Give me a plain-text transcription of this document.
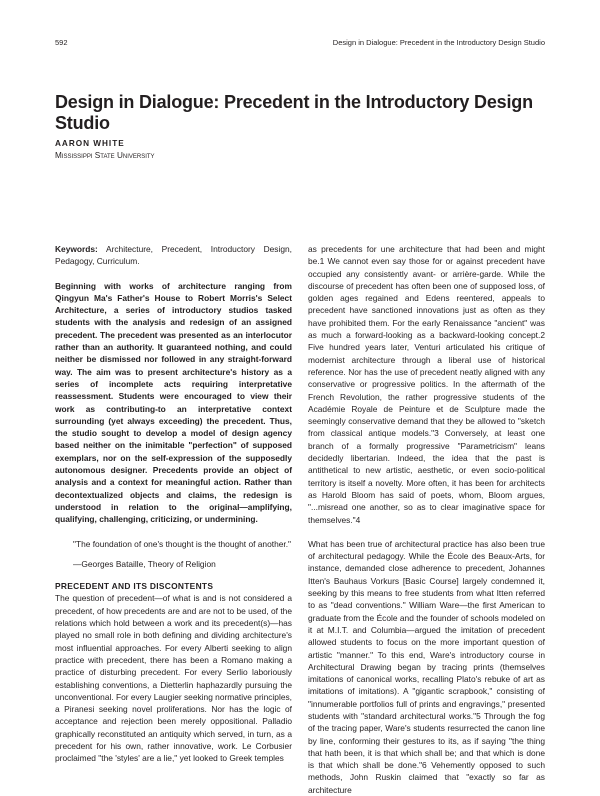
592	Design in Dialogue: Precedent in the Introductory Design Studio
Design in Dialogue: Precedent in the Introductory Design Studio
AARON WHITE
Mississippi State University

Keywords: Architecture, Precedent, Introductory Design, Pedagogy, Curriculum.

Beginning with works of architecture ranging from Qingyun Ma's Father's House to Robert Morris's Select Architecture, a series of introductory studios tasked students with the analysis and redesign of an assigned precedent. The precedent was presented as an interlocutor rather than an authority. It guaranteed nothing, and could neither be dismissed nor followed in any straight-forward way. The aim was to present architecture's history as a series of incomplete acts requiring interpretative reassessment. Students were encouraged to view their work as contributing-to an interpretative context surrounding (yet always exceeding) the precedent. Thus, the studio sought to develop a model of design agency based neither on the inimitable "perfection" of supposed exemplars, nor on the self-expression of the supposedly autonomous designer. Precedents provide an object of analysis and a context for meaningful action. Rather than decontextualized objects and claims, the redesign is understood in relation to the original—amplifying, qualifying, challenging, criticizing, or undermining.

"The foundation of one's thought is the thought of another."

—Georges Bataille, Theory of Religion

PRECEDENT AND ITS DISCONTENTS

The question of precedent—of what is and is not considered a precedent, of how precedents are and are not to be used, of the relations which hold between a work and its precedent(s)—has played no small role in both defining and dividing architecture's most influential approaches. For every Alberti seeking to align practice with precedent, there has been a Romano making a practice of disturbing precedent. For every Serlio laboriously establishing conventions, a Dietterlin haphazardly pursuing the unconventional. For every Laugier seeking normative principles, a Piranesi seeking novel proliferations. Nor has the logic of acceptance and rejection been merely oppositional. Palladio graphically reconstituted an antiquity which served, in turn, as a precedent for his own, rather innovative, work. Le Corbusier proclaimed "the 'styles' are a lie," yet looked to Greek temples

as precedents for une architecture that had been and might be.1 We cannot even say those for or against precedent have occupied any consistently avant- or arrière-garde. While the discourse of precedent has often been one of supposed loss, of golden ages regained and Edens reentered, appeals to precedent have sanctioned innovations just as often as they have prohibited them. For the early Renaissance "ancient" was as much a forward-looking as a backward-looking concept.2 Five hundred years later, Venturi articulated his critique of modernist architecture through a liberal use of historical reference. Nor has the use of precedent neatly aligned with any conservative or progressive politics. In the aftermath of the French Revolution, the rather progressive students of the Académie Royale de Peinture et de Sculpture made the seemingly conservative demand that they be allowed to "sketch from classical antique models."3 Conversely, at least one branch of a formally progressive "Parametricism" leans decidedly libertarian. Indeed, the idea that the past is antithetical to new artistic, aesthetic, or even socio-political territory is itself a novelty. More often, it has been for architects as Harold Bloom has said of poets, whom, Bloom argues, "...misread one another, so as to clear imaginative space for themselves."4

What has been true of architectural practice has also been true of architectural pedagogy. While the École des Beaux-Arts, for instance, demanded close adherence to precedent, Johannes Itten's Bauhaus Vorkurs [Basic Course] largely condemned it, seeking by this means to free students from what Itten referred to as "dead conventions." William Ware—the first American to graduate from the École and the founder of schools modeled on it at M.I.T. and Columbia—argued the imitation of precedent allowed students to focus on the more important question of artistic "manner." To this end, Ware's introductory course in Architectural Drawing began by tracing prints (themselves imitations of canonical works, recalling Plato's rebuke of art as imitations of imitations). A "gigantic scrapbook," consisting of "innumerable portfolios full of prints and engravings," presented students with "standard architectural works."5 Through the fog of the tracing paper, Ware's students resurrected the canon line by line, conforming their gestures to its, as if saying "the thing that hath been, it is that which shall be; and that which is done is that which shall be done."6 Vehemently opposed to such methods, John Ruskin claimed that "exactly so far as architecture
